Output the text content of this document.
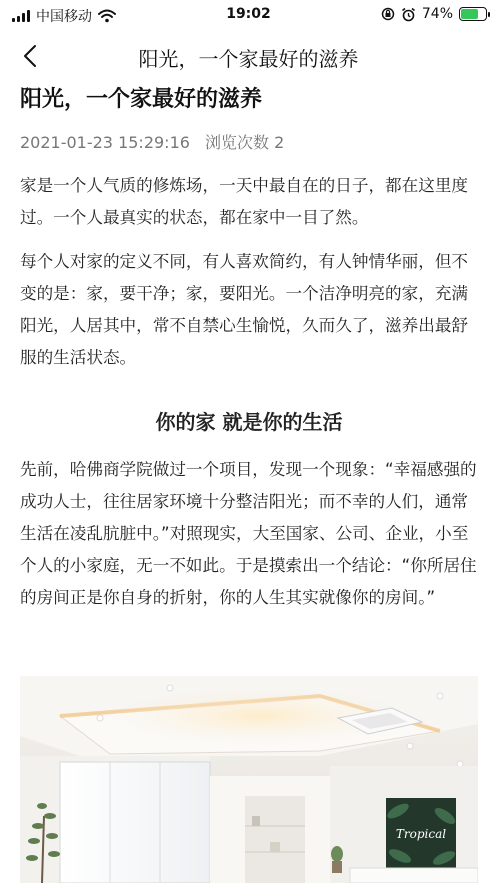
中国移动	19:02	74%
阳光，一个家最好的滋养
阳光，一个家最好的滋养
2021-01-23 15:29:16 浏览次数 2

家是一个人气质的修炼场，一天中最自在的日子，都在这里度过。一个人最真实的状态，都在家中一目了然。

每个人对家的定义不同，有人喜欢简约，有人钟情华丽，但不变的是：家，要干净；家，要阳光。一个洁净明亮的家，充满阳光，人居其中，常不自禁心生愉悦，久而久了，滋养出最舒服的生活状态。

你的家 就是你的生活

先前，哈佛商学院做过一个项目，发现一个现象：“幸福感强的成功人士，往往居家环境十分整洁阳光；而不幸的人们，通常生活在凌乱肮脏中。”对照现实，大至国家、公司、企业，小至个人的小家庭，无一不如此。于是摸索出一个结论：“你所居住的房间正是你自身的折射，你的人生其实就像你的房间。”

Tropical
